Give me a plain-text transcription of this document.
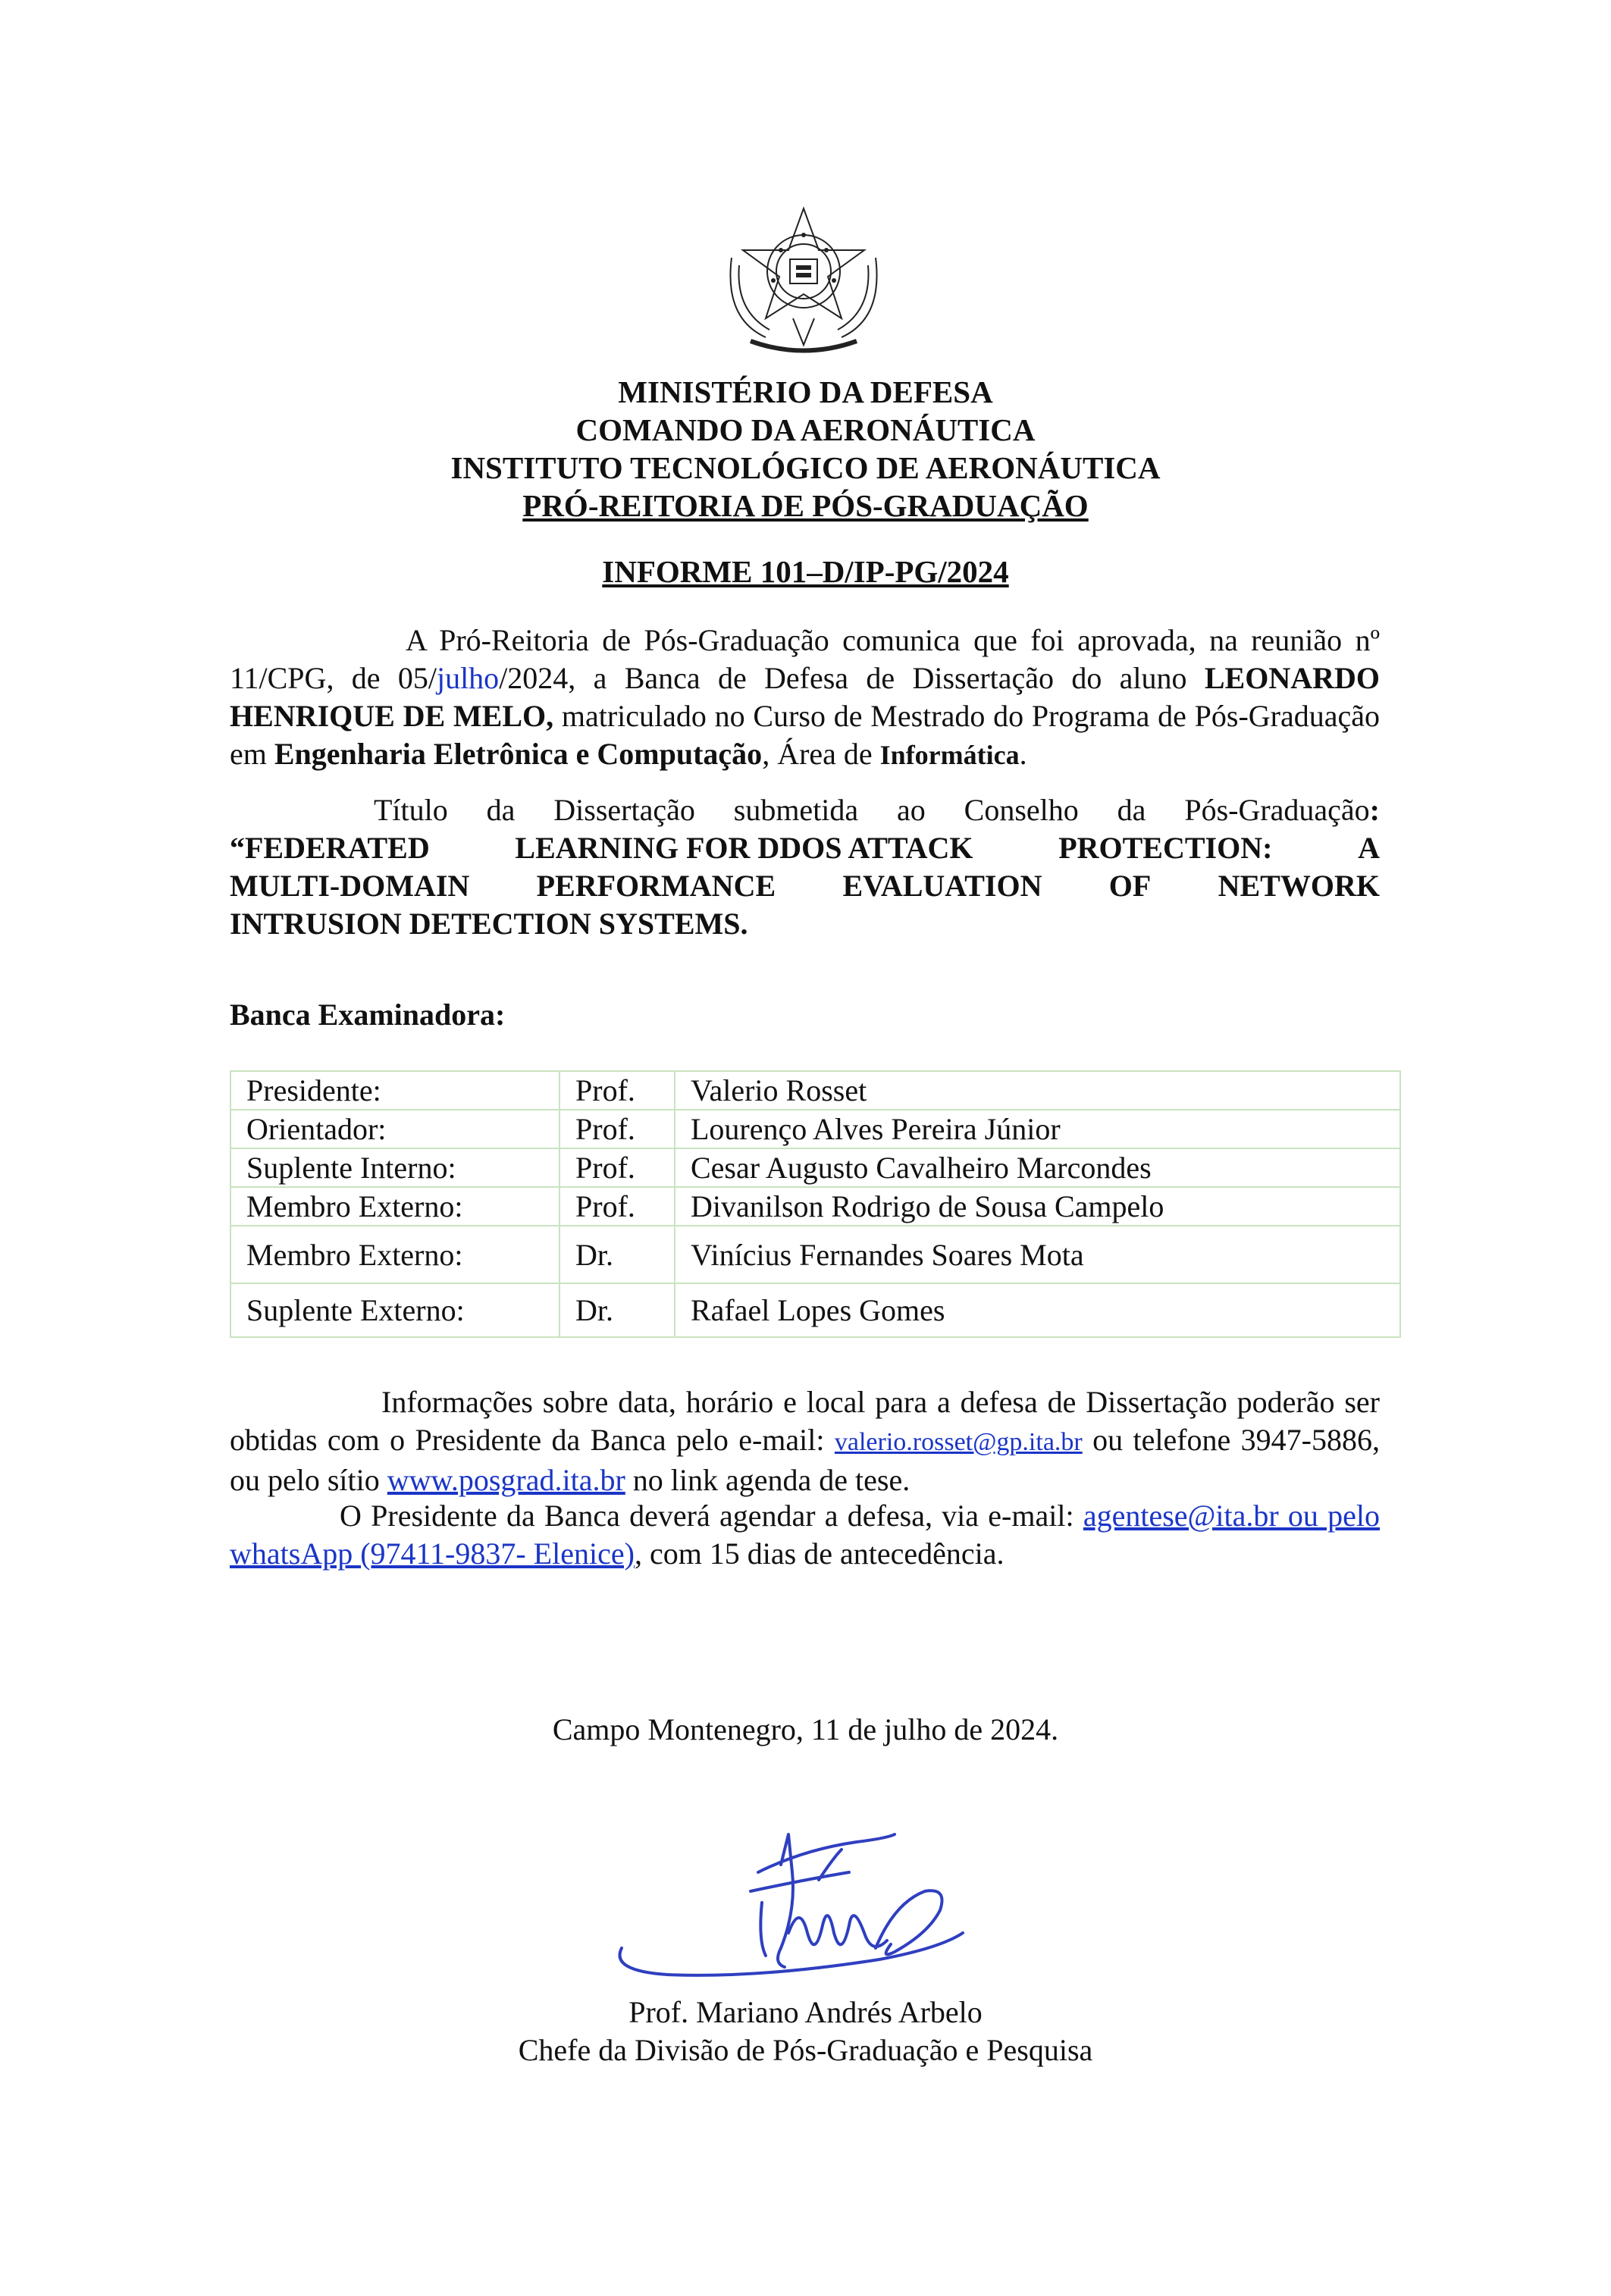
MINISTÉRIO DA DEFESA
COMANDO DA AERONÁUTICA
INSTITUTO TECNOLÓGICO DE AERONÁUTICA
PRÓ-REITORIA DE PÓS-GRADUAÇÃO
INFORME 101–D/IP-PG/2024
A Pró-Reitoria de Pós-Graduação comunica que foi aprovada, na reunião nº 11/CPG, de 05/julho/2024, a Banca de Defesa de Dissertação do aluno LEONARDO HENRIQUE DE MELO, matriculado no Curso de Mestrado do Programa de Pós-Graduação em Engenharia Eletrônica e Computação, Área de Informática.
Título da Dissertação submetida ao Conselho da Pós-Graduação:
“FEDERATED	LEARNING FOR DDOS ATTACK	PROTECTION:	A
MULTI-DOMAIN PERFORMANCE EVALUATION OF NETWORK
INTRUSION DETECTION SYSTEMS.
Banca Examinadora:
Presidente:	Prof.	Valerio Rosset
Orientador:	Prof.	Lourenço Alves Pereira Júnior
Suplente Interno:	Prof.	Cesar Augusto Cavalheiro Marcondes
Membro Externo:	Prof.	Divanilson Rodrigo de Sousa Campelo
Membro Externo:	Dr.	Vinícius Fernandes Soares Mota
Suplente Externo:	Dr.	Rafael Lopes Gomes
Informações sobre data, horário e local para a defesa de Dissertação poderão ser obtidas com o Presidente da Banca pelo e-mail: valerio.rosset@gp.ita.br ou telefone 3947-5886, ou pelo sítio www.posgrad.ita.br no link agenda de tese.
O Presidente da Banca deverá agendar a defesa, via e-mail: agentese@ita.br ou pelo whatsApp (97411-9837- Elenice), com 15 dias de antecedência.
Campo Montenegro, 11 de julho de 2024.
Prof. Mariano Andrés Arbelo
Chefe da Divisão de Pós-Graduação e Pesquisa
